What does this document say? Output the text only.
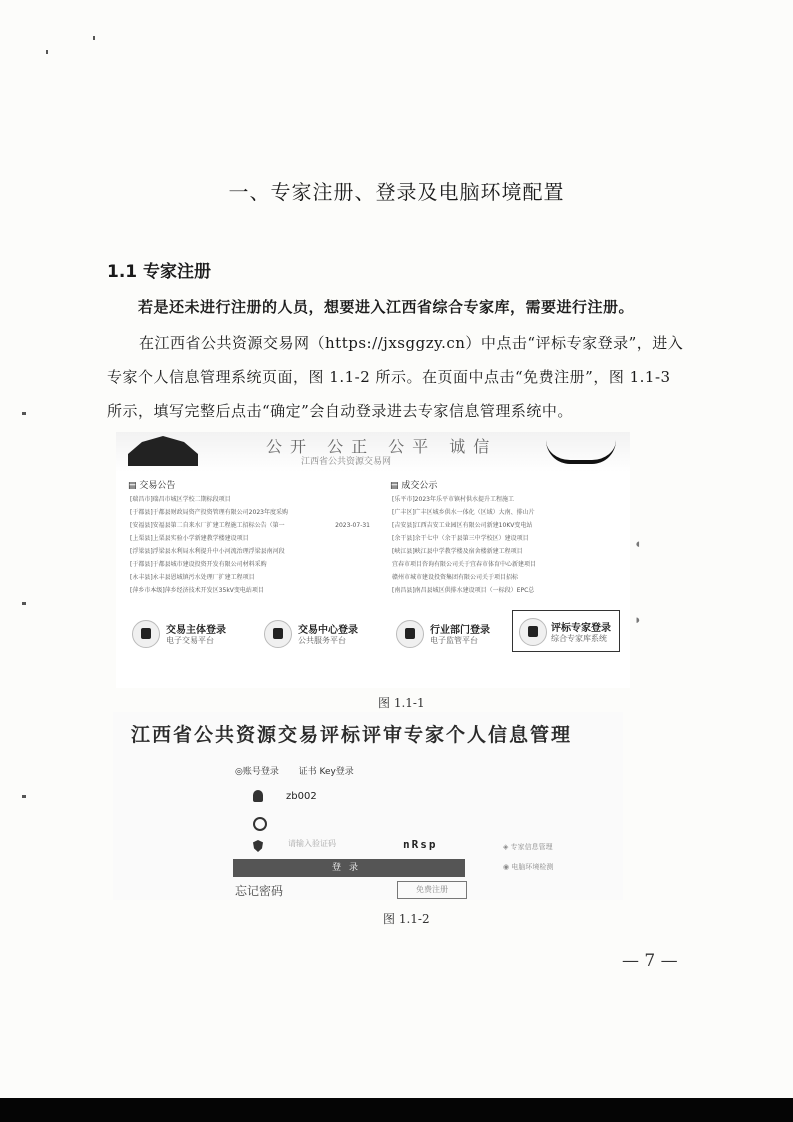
一、专家注册、登录及电脑环境配置
1.1 专家注册
若是还未进行注册的人员，想要进入江西省综合专家库，需要进行注册。
在江西省公共资源交易网（https://jxsggzy.cn）中点击“评标专家登录”，进入专家个人信息管理系统页面，图 1.1-2 所示。在页面中点击“免费注册”，图 1.1-3 所示，填写完整后点击“确定”会自动登录进去专家信息管理系统中。
公开 公正 公平 诚信
江西省公共资源交易网
▤ 交易公告
[瑞昌市]瑞昌市城区学校二期标段项目
[于都县]于都县财政局资产投资管理有限公司2023年度采购
[安福县]安福县第二自来水厂扩建工程施工招标公告（第一	2023-07-31
[上栗县]上栗县实验小学新建教学楼建设项目
[浮梁县]浮梁县水利局水利提升中小河流治理浮梁县南河段
[于都县]于都县城市建设投资开发有限公司材料采购
[永丰县]永丰县恩城镇污水处理厂扩建工程项目
[萍乡市本级]萍乡经济技术开发区35kV变电站项目
▤ 成交公示
[乐平市]2023年乐平市镇村供水提升工程施工
[广丰区]广丰区城乡供水一体化（区域）大南、排山片
[吉安县]江西吉安工业园区有限公司新建10KV变电站
[余干县]余干七中（余干县第三中学校区）建设项目
[峡江县]峡江县中学教学楼及宿舍楼新建工程项目
宜春市项目咨询有限公司关于宜春市体育中心新建项目
赣州市城市建设投资集团有限公司关于项目招标
[南昌县]南昌县城区供排水建设项目（一标段）EPC总
交易主体登录
电子交易平台
交易中心登录
公共服务平台
行业部门登录
电子监管平台
评标专家登录
综合专家库系统
图 1.1-1
◖
◗
江西省公共资源交易评标评审专家个人信息管理
◎账号登录 证书 Key登录
zb002
请输入验证码	nRsp
登录
忘记密码	免费注册
◈ 专家信息管理
◉ 电脑环境检测
图 1.1-2
— 7 —
